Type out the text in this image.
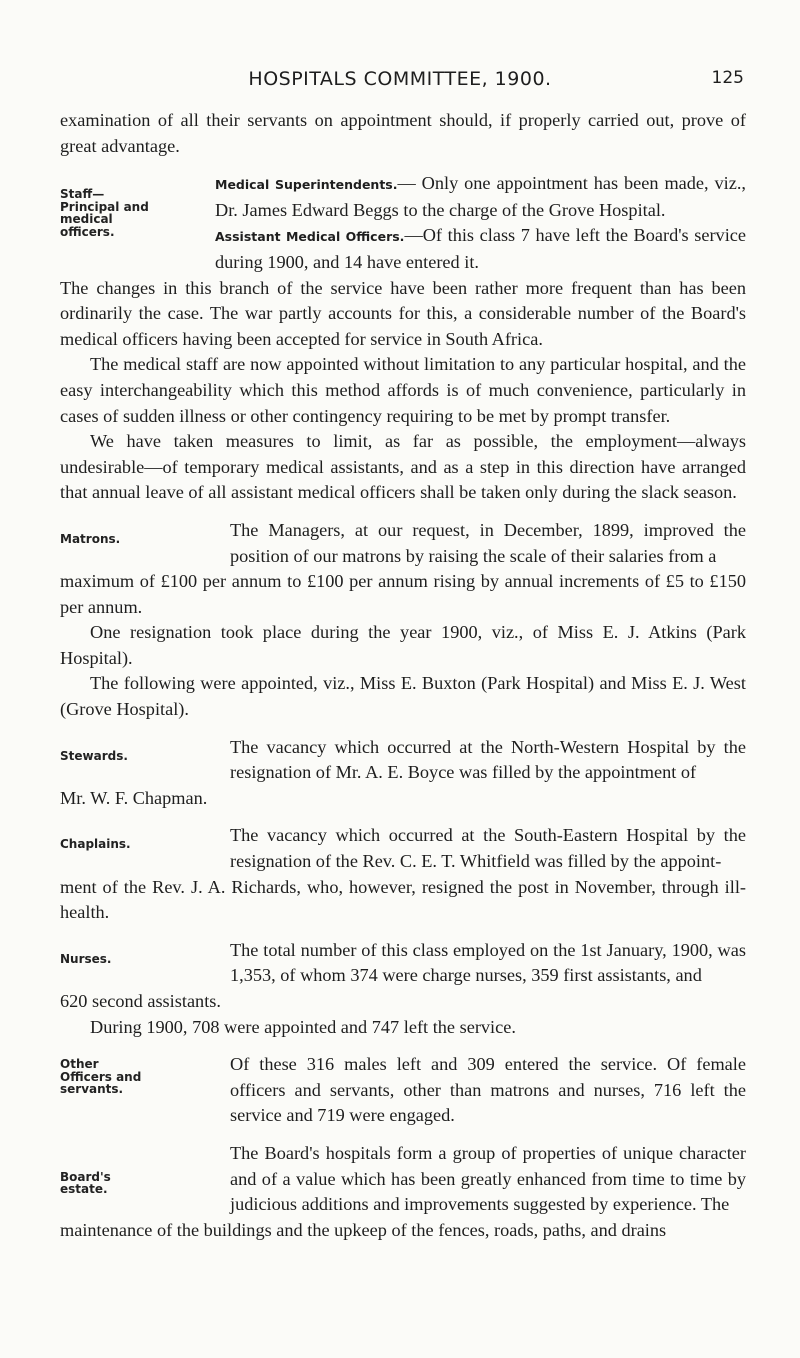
HOSPITALS COMMITTEE, 1900.	125

examination of all their servants on appointment should, if properly carried out, prove of great advantage.

Staff— Principal and medical officers.

Medical Superintendents.— Only one appointment has been made, viz., Dr. James Edward Beggs to the charge of the Grove Hospital.

Assistant Medical Officers.—Of this class 7 have left the Board's service during 1900, and 14 have entered it.

The changes in this branch of the service have been rather more frequent than has been ordinarily the case. The war partly accounts for this, a considerable number of the Board's medical officers having been accepted for service in South Africa.

The medical staff are now appointed without limitation to any particular hospital, and the easy interchangeability which this method affords is of much convenience, particularly in cases of sudden illness or other contingency requiring to be met by prompt transfer.

We have taken measures to limit, as far as possible, the employment—always undesirable—of temporary medical assistants, and as a step in this direction have arranged that annual leave of all assistant medical officers shall be taken only during the slack season.

Matrons.	The Managers, at our request, in December, 1899, improved the position of our matrons by raising the scale of their salaries from a

maximum of £100 per annum to £100 per annum rising by annual increments of £5 to £150 per annum.

One resignation took place during the year 1900, viz., of Miss E. J. Atkins (Park Hospital).

The following were appointed, viz., Miss E. Buxton (Park Hospital) and Miss E. J. West (Grove Hospital).

Stewards.	The vacancy which occurred at the North-Western Hospital by the resignation of Mr. A. E. Boyce was filled by the appointment of

Mr. W. F. Chapman.

Chaplains.	The vacancy which occurred at the South-Eastern Hospital by the resignation of the Rev. C. E. T. Whitfield was filled by the appoint-

ment of the Rev. J. A. Richards, who, however, resigned the post in November, through ill-health.

Nurses.	The total number of this class employed on the 1st January, 1900, was 1,353, of whom 374 were charge nurses, 359 first assistants, and

620 second assistants.

During 1900, 708 were appointed and 747 left the service.

Other Officers and servants.

Of these 316 males left and 309 entered the service. Of female officers and servants, other than matrons and nurses, 716 left the service and 719 were engaged.

Board's estate.

The Board's hospitals form a group of properties of unique character and of a value which has been greatly enhanced from time to time by judicious additions and improvements suggested by experience. The

maintenance of the buildings and the upkeep of the fences, roads, paths, and drains
